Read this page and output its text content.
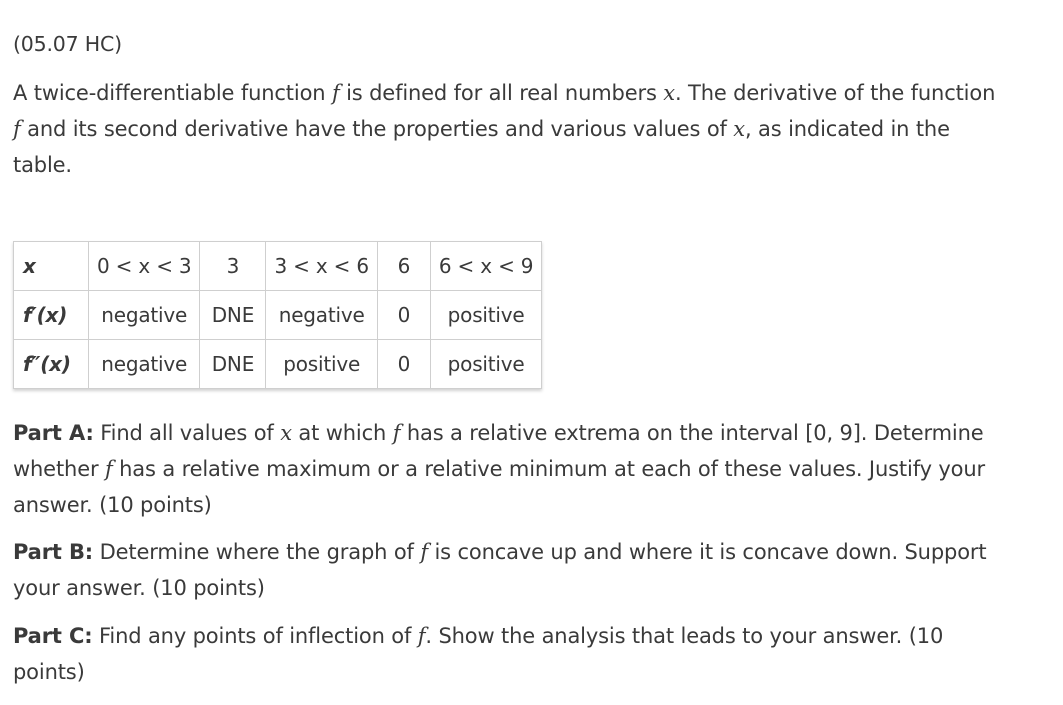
(05.07 HC)

A twice-differentiable function f is defined for all real numbers x. The derivative of the function
f and its second derivative have the properties and various values of x, as indicated in the
table.

x	0 < x < 3	3	3 < x < 6	6	6 < x < 9
f′(x)	negative	DNE	negative	0	positive
f″(x)	negative	DNE	positive	0	positive

Part A: Find all values of x at which f has a relative extrema on the interval [0, 9]. Determine
whether f has a relative maximum or a relative minimum at each of these values. Justify your
answer. (10 points)

Part B: Determine where the graph of f is concave up and where it is concave down. Support
your answer. (10 points)

Part C: Find any points of inflection of f. Show the analysis that leads to your answer. (10
points)
